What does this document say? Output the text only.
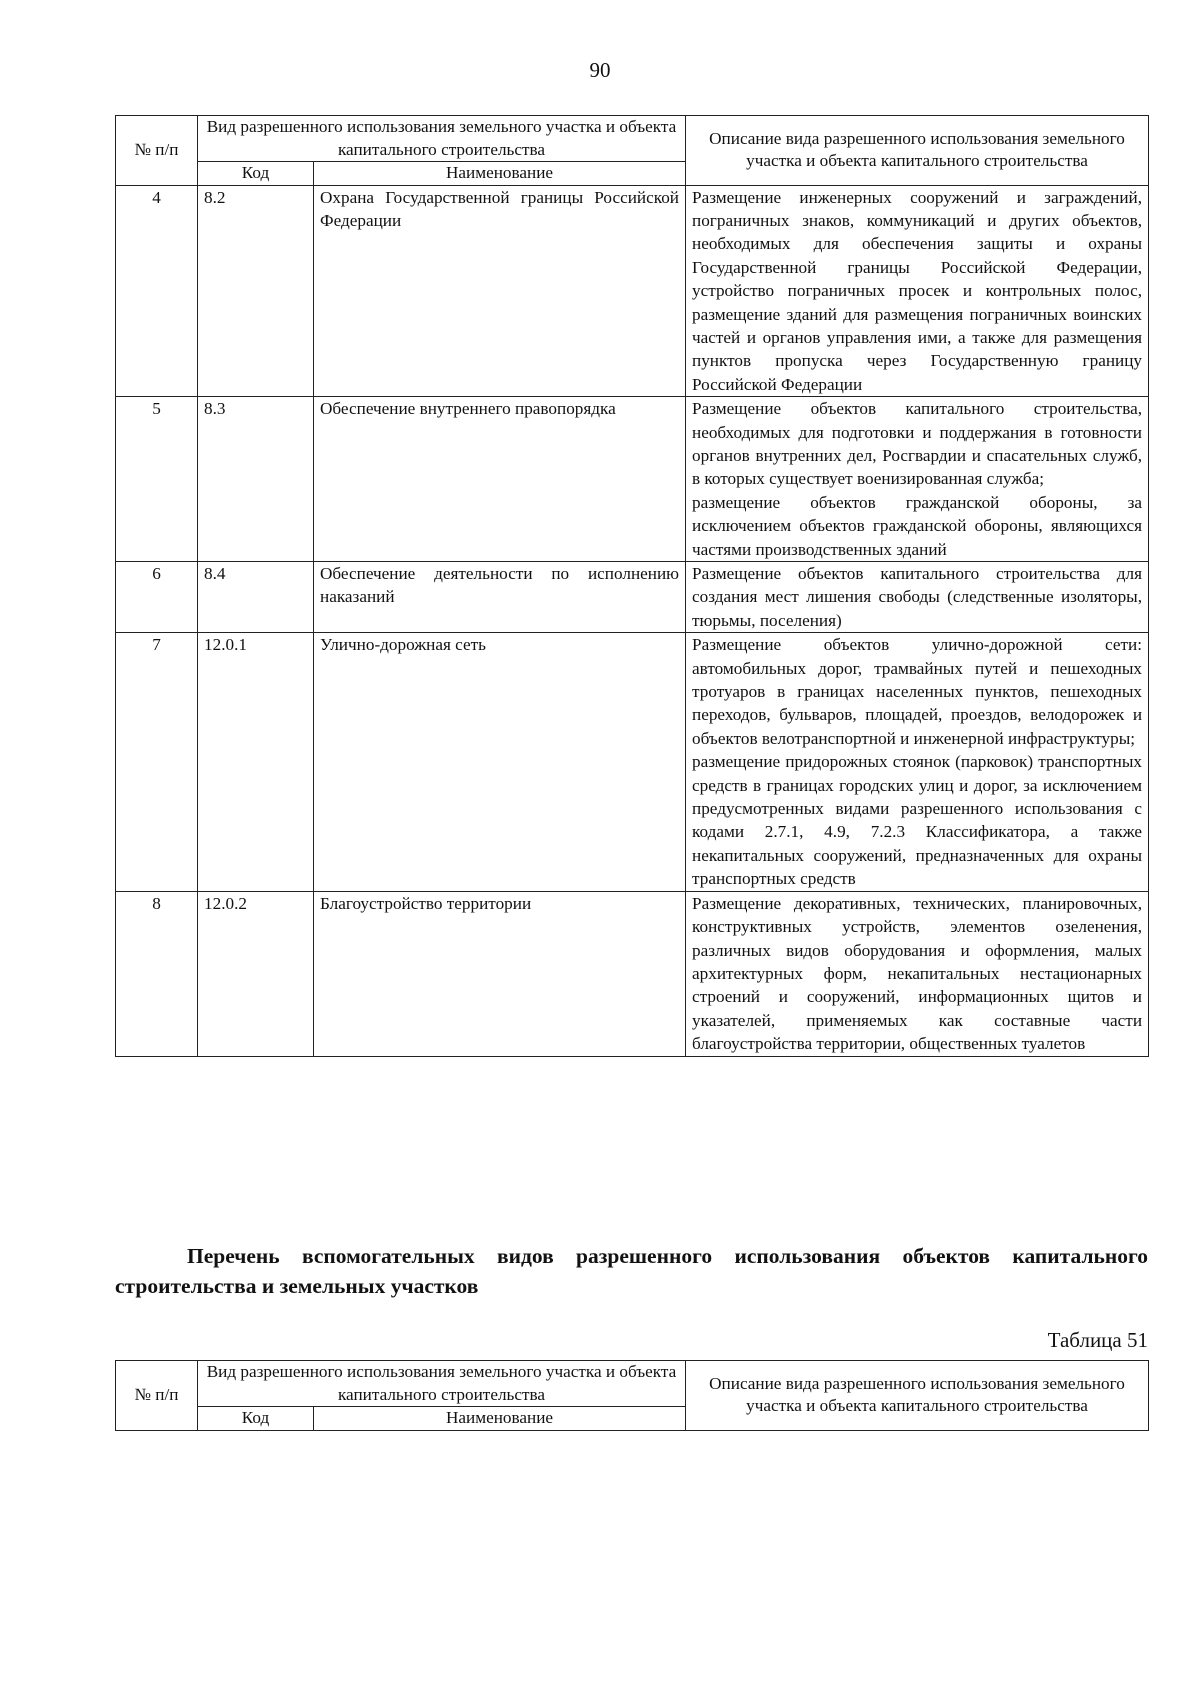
90
№ п/п	Вид разрешенного использования земельного участка и объекта капитального строительства		Описание вида разрешенного использования земельного участка и объекта капитального строительства
	Код	Наименование	
4	8.2	Охрана Государственной границы Российской Федерации	Размещение инженерных сооружений и заграждений, пограничных знаков, коммуникаций и других объектов, необходимых для обеспечения защиты и охраны Государственной границы Российской Федерации, устройство пограничных просек и контрольных полос, размещение зданий для размещения пограничных воинских частей и органов управления ими, а также для размещения пунктов пропуска через Государственную границу Российской Федерации

5	8.3	Обеспечение внутреннего правопорядка	Размещение объектов капитального строительства, необходимых для подготовки и поддержания в готовности органов внутренних дел, Росгвардии и спасательных служб, в которых существует военизированная служба;
размещение объектов гражданской обороны, за исключением объектов гражданской обороны, являющихся частями производственных зданий

6	8.4	Обеспечение деятельности по исполнению наказаний	Размещение объектов капитального строительства для создания мест лишения свободы (следственные изоляторы, тюрьмы, поселения)

7	12.0.1	Улично-дорожная сеть	Размещение объектов улично-дорожной сети: автомобильных дорог, трамвайных путей и пешеходных тротуаров в границах населенных пунктов, пешеходных переходов, бульваров, площадей, проездов, велодорожек и объектов велотранспортной и инженерной инфраструктуры;
размещение придорожных стоянок (парковок) транспортных средств в границах городских улиц и дорог, за исключением предусмотренных видами разрешенного использования с кодами 2.7.1, 4.9, 7.2.3 Классификатора, а также некапитальных сооружений, предназначенных для охраны транспортных средств

8	12.0.2	Благоустройство территории	Размещение декоративных, технических, планировочных, конструктивных устройств, элементов озеленения, различных видов оборудования и оформления, малых архитектурных форм, некапитальных нестационарных строений и сооружений, информационных щитов и указателей, применяемых как составные части благоустройства территории, общественных туалетов
Перечень вспомогательных видов разрешенного использования объектов капитального строительства и земельных участков
Таблица 51
№ п/п	Вид разрешенного использования земельного участка и объекта капитального строительства		Описание вида разрешенного использования земельного участка и объекта капитального строительства
	Код	Наименование	
